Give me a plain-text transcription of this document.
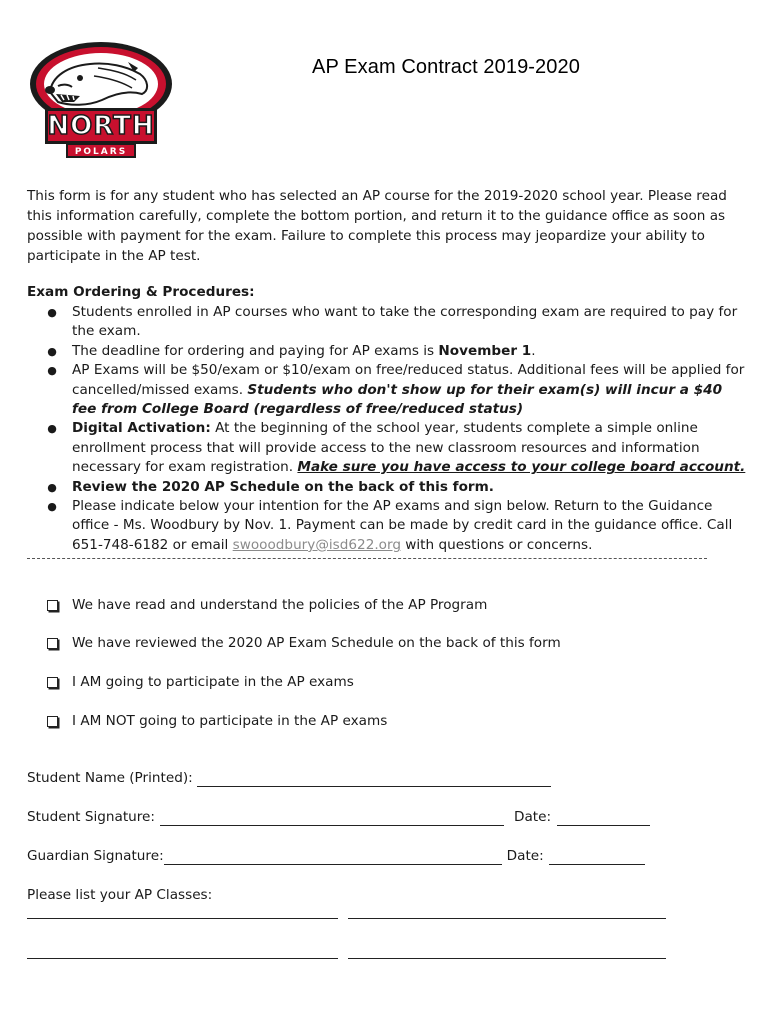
NORTH
POLARS
AP Exam Contract 2019-2020

This form is for any student who has selected an AP course for the 2019-2020 school year. Please read this information carefully, complete the bottom portion, and return it to the guidance office as soon as possible with payment for the exam. Failure to complete this process may jeopardize your ability to participate in the AP test.

Exam Ordering & Procedures:

● Students enrolled in AP courses who want to take the corresponding exam are required to pay for the exam.
● The deadline for ordering and paying for AP exams is November 1.
● AP Exams will be $50/exam or $10/exam on free/reduced status. Additional fees will be applied for cancelled/missed exams. Students who don't show up for their exam(s) will incur a $40 fee from College Board (regardless of free/reduced status)
● Digital Activation: At the beginning of the school year, students complete a simple online enrollment process that will provide access to the new classroom resources and information necessary for exam registration. Make sure you have access to your college board account.
● Review the 2020 AP Schedule on the back of this form.
● Please indicate below your intention for the AP exams and sign below. Return to the Guidance office - Ms. Woodbury by Nov. 1. Payment can be made by credit card in the guidance office. Call 651-748-6182 or email swooodbury@isd622.org with questions or concerns.
We have read and understand the policies of the AP Program
We have reviewed the 2020 AP Exam Schedule on the back of this form
I AM going to participate in the AP exams
I AM NOT going to participate in the AP exams
Student Name (Printed):
Student Signature:	Date:
Guardian Signature:	Date:
Please list your AP Classes:
